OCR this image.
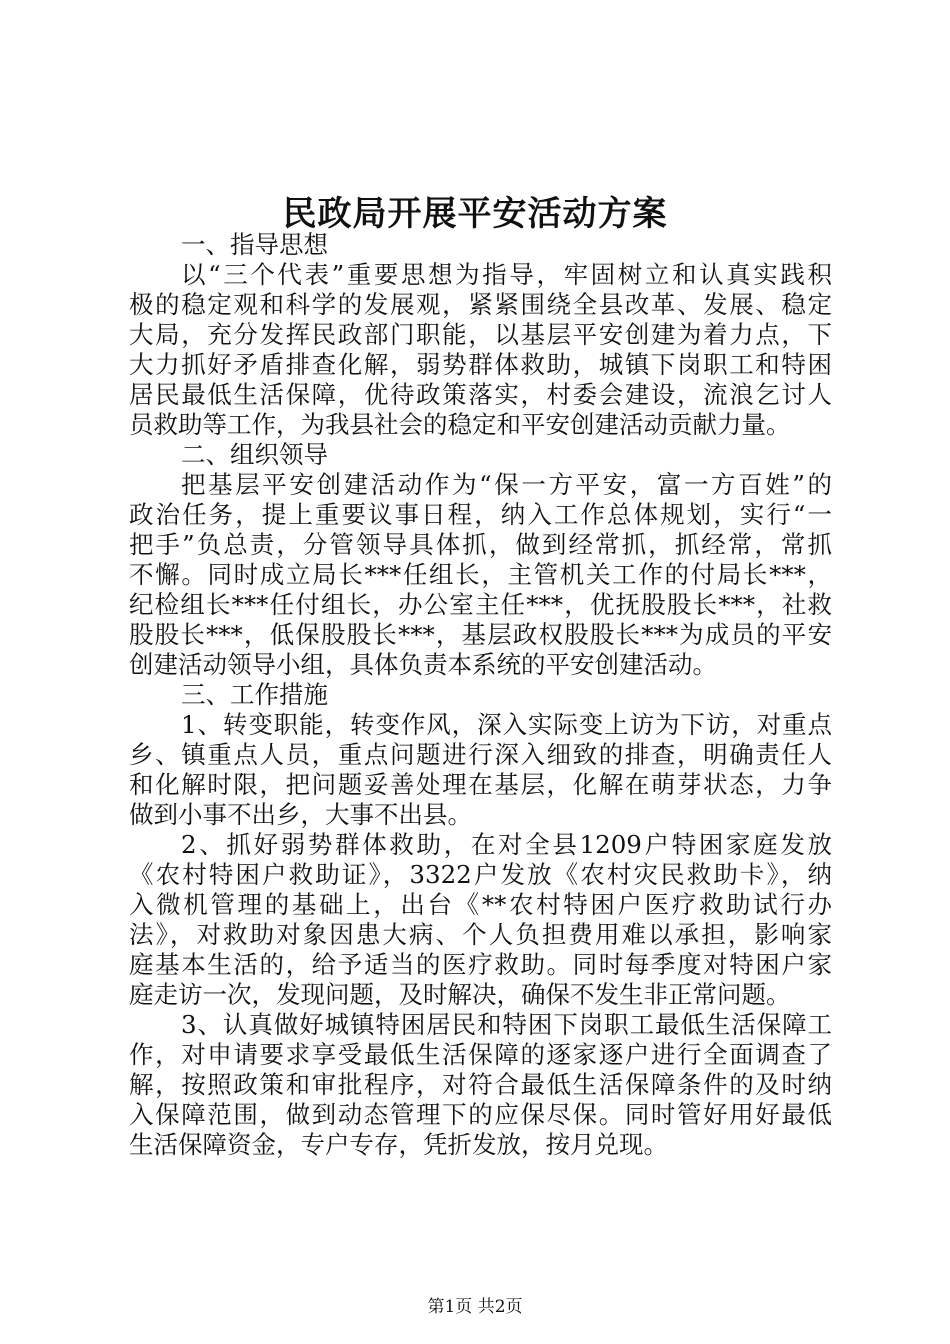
民政局开展平安活动方案
一、指导思想
以“三个代表”重要思想为指导，牢固树立和认真实践积
极的稳定观和科学的发展观，紧紧围绕全县改革、发展、稳定
大局，充分发挥民政部门职能，以基层平安创建为着力点，下
大力抓好矛盾排查化解，弱势群体救助，城镇下岗职工和特困
居民最低生活保障，优待政策落实，村委会建设，流浪乞讨人
员救助等工作，为我县社会的稳定和平安创建活动贡献力量。
二、组织领导
把基层平安创建活动作为“保一方平安，富一方百姓”的
政治任务，提上重要议事日程，纳入工作总体规划，实行“一
把手”负总责，分管领导具体抓，做到经常抓，抓经常，常抓
不懈。同时成立局长***任组长，主管机关工作的付局长***，
纪检组长***任付组长，办公室主任***，优抚股股长***，社救
股股长***，低保股股长***，基层政权股股长***为成员的平安
创建活动领导小组，具体负责本系统的平安创建活动。
三、工作措施
1、转变职能，转变作风，深入实际变上访为下访，对重点
乡、镇重点人员，重点问题进行深入细致的排查，明确责任人
和化解时限，把问题妥善处理在基层，化解在萌芽状态，力争
做到小事不出乡，大事不出县。
2、抓好弱势群体救助，在对全县1209户特困家庭发放
《农村特困户救助证》，3322户发放《农村灾民救助卡》，纳
入微机管理的基础上，出台《**农村特困户医疗救助试行办
法》，对救助对象因患大病、个人负担费用难以承担，影响家
庭基本生活的，给予适当的医疗救助。同时每季度对特困户家
庭走访一次，发现问题，及时解决，确保不发生非正常问题。
3、认真做好城镇特困居民和特困下岗职工最低生活保障工
作，对申请要求享受最低生活保障的逐家逐户进行全面调查了
解，按照政策和审批程序，对符合最低生活保障条件的及时纳
入保障范围，做到动态管理下的应保尽保。同时管好用好最低
生活保障资金，专户专存，凭折发放，按月兑现。
第1页 共2页
